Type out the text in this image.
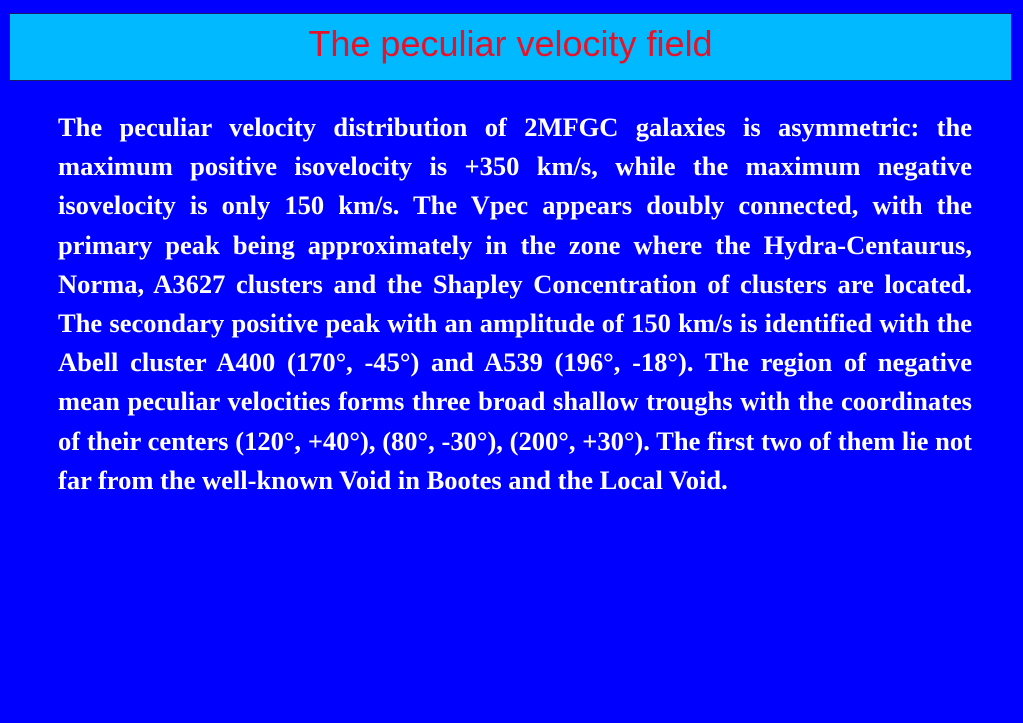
The peculiar velocity field

The peculiar velocity distribution of 2MFGC galaxies is asymmetric: the maximum positive isovelocity is +350 km/s, while the maximum negative isovelocity is only 150 km/s. The Vpec appears doubly connected, with the primary peak being approximately in the zone where the Hydra-Centaurus, Norma, A3627 clusters and the Shapley Concentration of clusters are located. The secondary positive peak with an amplitude of 150 km/s is identified with the Abell cluster A400 (170°, -45°) and A539 (196°, -18°). The region of negative mean peculiar velocities forms three broad shallow troughs with the coordinates of their centers (120°, +40°), (80°, -30°), (200°, +30°). The first two of them lie not far from the well-known Void in Bootes and the Local Void.
